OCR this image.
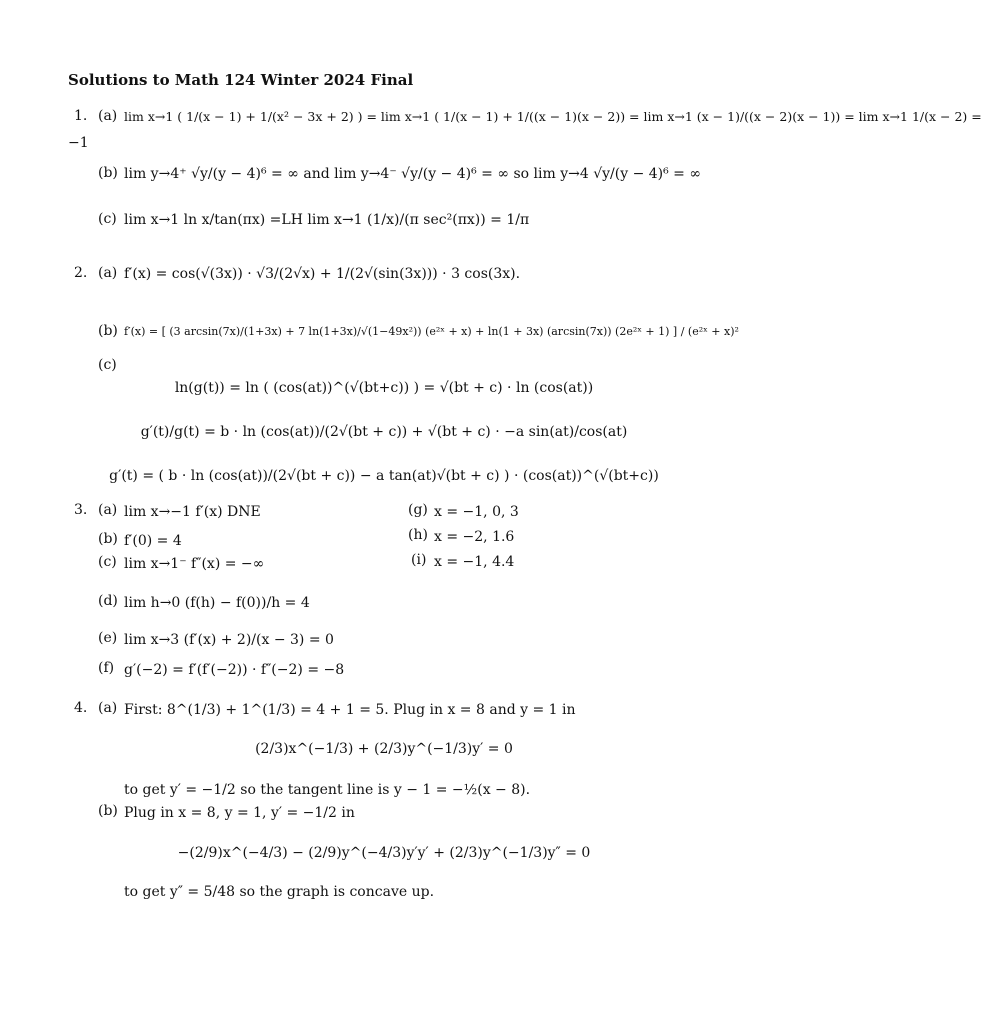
Solutions to Math 124 Winter 2024 Final
1. (a) lim x→1 ( 1/(x − 1) + 1/(x² − 3x + 2) ) = lim x→1 ( 1/(x − 1) + 1/((x − 1)(x − 2)) = lim x→1 (x − 1)/((x − 2)(x − 1)) = lim x→1 1/(x − 2) =
−1
(b) lim y→4⁺ √y/(y − 4)⁶ = ∞ and lim y→4⁻ √y/(y − 4)⁶ = ∞ so lim y→4 √y/(y − 4)⁶ = ∞
(c) lim x→1 ln x/tan(πx) =LH lim x→1 (1/x)/(π sec²(πx)) = 1/π
2. (a) f′(x) = cos(√(3x)) · √3/(2√x) + 1/(2√(sin(3x))) · 3 cos(3x).
(b) f′(x) = [ (3 arcsin(7x)/(1+3x) + 7 ln(1+3x)/√(1−49x²)) (e²ˣ + x) + ln(1 + 3x) (arcsin(7x)) (2e²ˣ + 1) ] / (e²ˣ + x)²
(c)
ln(g(t)) = ln ( (cos(at))^(√(bt+c)) ) = √(bt + c) · ln (cos(at))
g′(t)/g(t) = b · ln (cos(at))/(2√(bt + c)) + √(bt + c) · −a sin(at)/cos(at)
g′(t) = ( b · ln (cos(at))/(2√(bt + c)) − a tan(at)√(bt + c) ) · (cos(at))^(√(bt+c))
3. (a) lim x→−1 f′(x) DNE
(b) f′(0) = 4
(c) lim x→1⁻ f″(x) = −∞
(d) lim h→0 (f(h) − f(0))/h = 4
(e) lim x→3 (f′(x) + 2)/(x − 3) = 0
(f) g′(−2) = f′(f′(−2)) · f″(−2) = −8
(g) x = −1, 0, 3
(h) x = −2, 1.6
(i) x = −1, 4.4
4. (a) First: 8^(1/3) + 1^(1/3) = 4 + 1 = 5. Plug in x = 8 and y = 1 in
(2/3)x^(−1/3) + (2/3)y^(−1/3)y′ = 0
to get y′ = −1/2 so the tangent line is y − 1 = −½(x − 8).
(b) Plug in x = 8, y = 1, y′ = −1/2 in
−(2/9)x^(−4/3) − (2/9)y^(−4/3)y′y′ + (2/3)y^(−1/3)y″ = 0
to get y″ = 5/48 so the graph is concave up.
